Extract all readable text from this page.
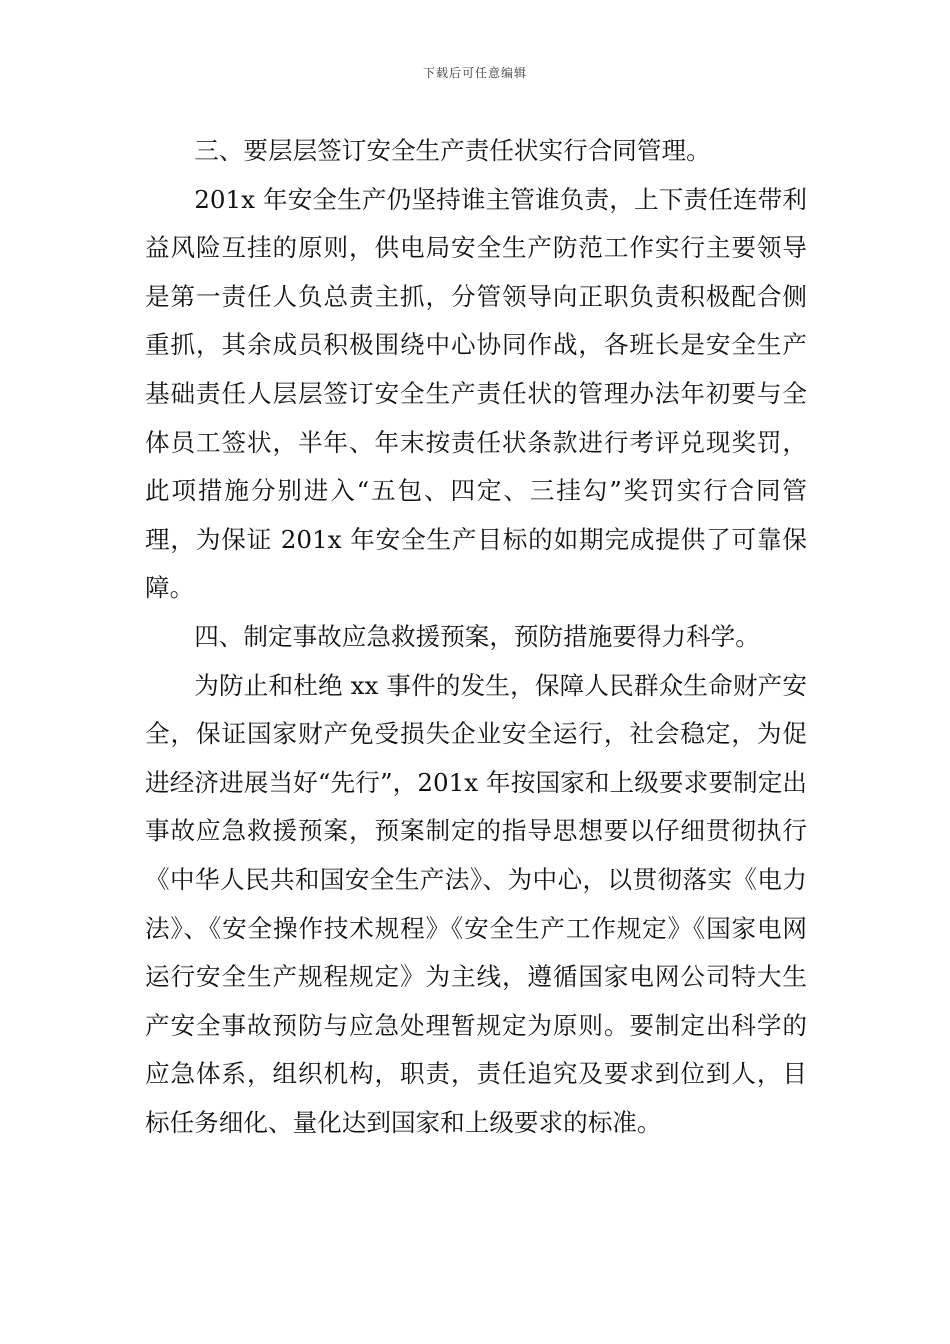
下载后可任意编辑

三、要层层签订安全生产责任状实行合同管理。

201x 年安全生产仍坚持谁主管谁负责，上下责任连带利益风险互挂的原则，供电局安全生产防范工作实行主要领导是第一责任人负总责主抓，分管领导向正职负责积极配合侧重抓，其余成员积极围绕中心协同作战，各班长是安全生产基础责任人层层签订安全生产责任状的管理办法年初要与全体员工签状，半年、年末按责任状条款进行考评兑现奖罚，此项措施分别进入“五包、四定、三挂勾”奖罚实行合同管理，为保证 201x 年安全生产目标的如期完成提供了可靠保障。

四、制定事故应急救援预案，预防措施要得力科学。

为防止和杜绝 xx 事件的发生，保障人民群众生命财产安全，保证国家财产免受损失企业安全运行，社会稳定，为促进经济进展当好“先行”，201x 年按国家和上级要求要制定出事故应急救援预案，预案制定的指导思想要以仔细贯彻执行《中华人民共和国安全生产法》、为中心，以贯彻落实《电力法》、《安全操作技术规程》《安全生产工作规定》《国家电网运行安全生产规程规定》为主线，遵循国家电网公司特大生产安全事故预防与应急处理暂规定为原则。要制定出科学的应急体系，组织机构，职责，责任追究及要求到位到人，目标任务细化、量化达到国家和上级要求的标准。
